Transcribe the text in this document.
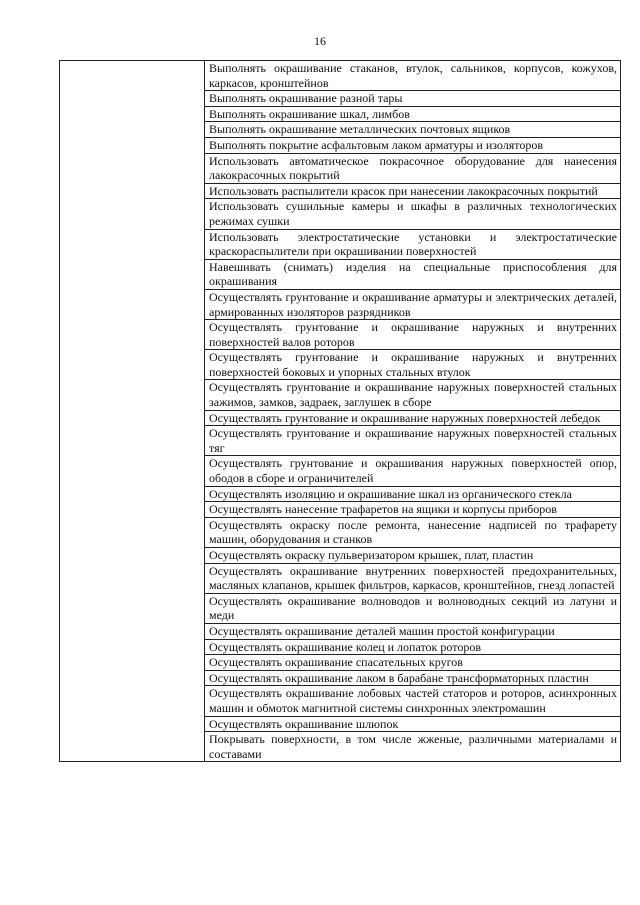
16

Выполнять окрашивание стаканов, втулок, сальников, корпусов, кожухов, каркасов, кронштейнов

Выполнять окрашивание разной тары

Выполнять окрашивание шкал, лимбов

Выполнять окрашивание металлических почтовых ящиков

Выполнять покрытие асфальтовым лаком арматуры и изоляторов

Использовать автоматическое покрасочное оборудование для нанесения лакокрасочных покрытий

Использовать распылители красок при нанесении лакокрасочных покрытий

Использовать сушильные камеры и шкафы в различных технологических режимах сушки

Использовать электростатические установки и электростатические краскораспылители при окрашивании поверхностей

Навешивать (снимать) изделия на специальные приспособления для окрашивания

Осуществлять грунтование и окрашивание арматуры и электрических деталей, армированных изоляторов разрядников

Осуществлять грунтование и окрашивание наружных и внутренних поверхностей валов роторов

Осуществлять грунтование и окрашивание наружных и внутренних поверхностей боковых и упорных стальных втулок

Осуществлять грунтование и окрашивание наружных поверхностей стальных зажимов, замков, задраек, заглушек в сборе

Осуществлять грунтование и окрашивание наружных поверхностей лебедок

Осуществлять грунтование и окрашивание наружных поверхностей стальных тяг

Осуществлять грунтование и окрашивания наружных поверхностей опор, ободов в сборе и ограничителей

Осуществлять изоляцию и окрашивание шкал из органического стекла

Осуществлять нанесение трафаретов на ящики и корпусы приборов

Осуществлять окраску после ремонта, нанесение надписей по трафарету машин, оборудования и станков

Осуществлять окраску пульверизатором крышек, плат, пластин

Осуществлять окрашивание внутренних поверхностей предохранительных, масляных клапанов, крышек фильтров, каркасов, кронштейнов, гнезд лопастей

Осуществлять окрашивание волноводов и волноводных секций из латуни и меди

Осуществлять окрашивание деталей машин простой конфигурации

Осуществлять окрашивание колец и лопаток роторов

Осуществлять окрашивание спасательных кругов

Осуществлять окрашивание лаком в барабане трансформаторных пластин

Осуществлять окрашивание лобовых частей статоров и роторов, асинхронных машин и обмоток магнитной системы синхронных электромашин

Осуществлять окрашивание шлюпок

Покрывать поверхности, в том числе жженые, различными материалами и составами
